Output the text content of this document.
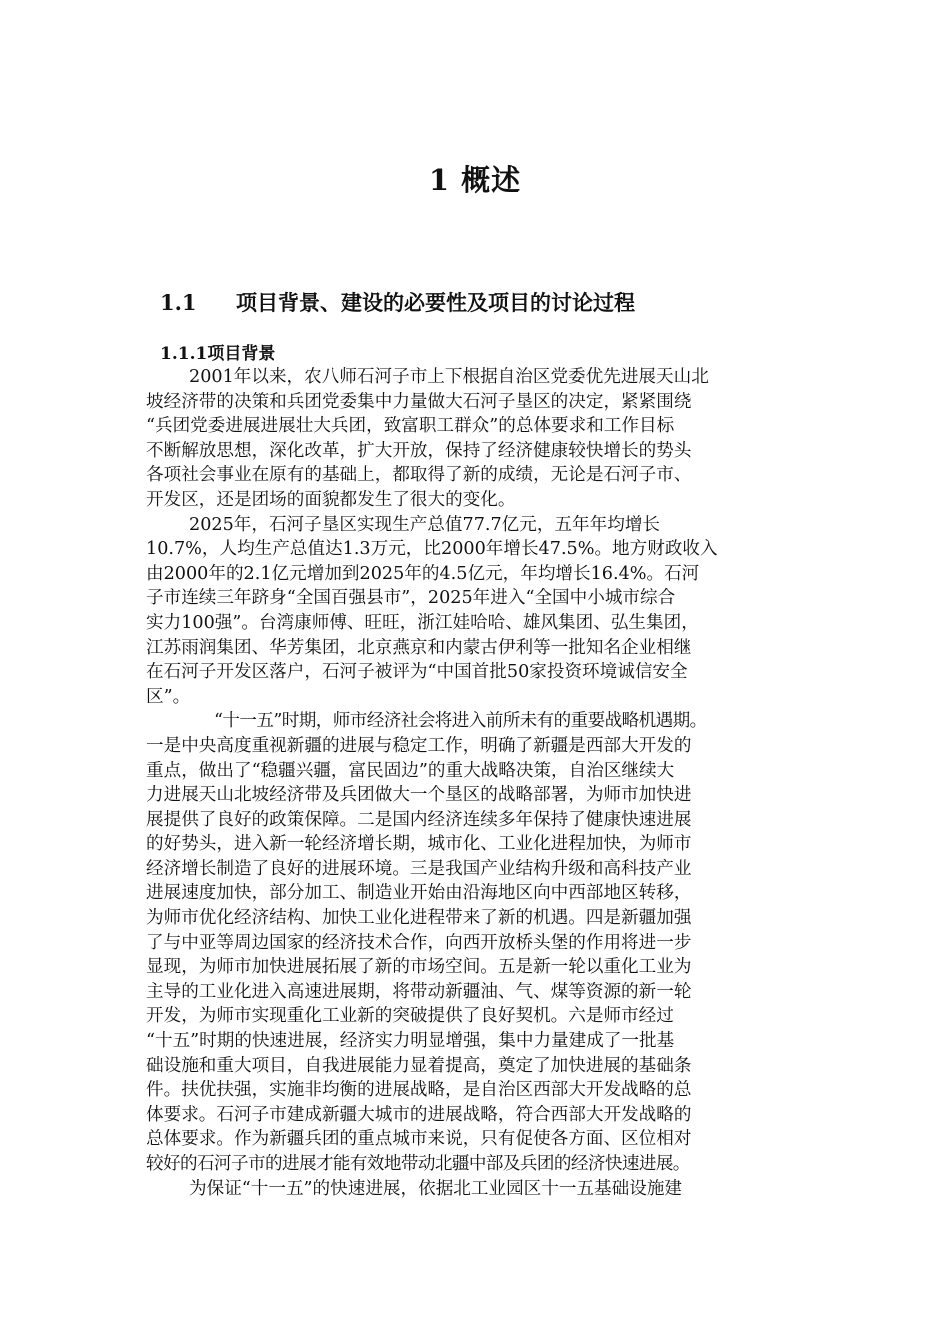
1 概述
1.1 项目背景、建设的必要性及项目的讨论过程
1.1.1项目背景
2001年以来，农八师石河子市上下根据自治区党委优先进展天山北
坡经济带的决策和兵团党委集中力量做大石河子垦区的决定，紧紧围绕
“兵团党委进展进展壮大兵团，致富职工群众”的总体要求和工作目标
不断解放思想，深化改革，扩大开放，保持了经济健康较快增长的势头
各项社会事业在原有的基础上，都取得了新的成绩，无论是石河子市、
开发区，还是团场的面貌都发生了很大的变化。
2025年，石河子垦区实现生产总值77.7亿元，五年年均增长
10.7%，人均生产总值达1.3万元，比2000年增长47.5%。地方财政收入
由2000年的2.1亿元增加到2025年的4.5亿元，年均增长16.4%。石河
子市连续三年跻身“全国百强县市”，2025年进入“全国中小城市综合
实力100强”。台湾康师傅、旺旺，浙江娃哈哈、雄风集团、弘生集团，
江苏雨润集团、华芳集团，北京燕京和内蒙古伊利等一批知名企业相继
在石河子开发区落户，石河子被评为“中国首批50家投资环境诚信安全
区”。
“十一五”时期，师市经济社会将进入前所未有的重要战略机遇期。
一是中央高度重视新疆的进展与稳定工作，明确了新疆是西部大开发的
重点，做出了“稳疆兴疆，富民固边”的重大战略决策，自治区继续大
力进展天山北坡经济带及兵团做大一个垦区的战略部署，为师市加快进
展提供了良好的政策保障。二是国内经济连续多年保持了健康快速进展
的好势头，进入新一轮经济增长期，城市化、工业化进程加快，为师市
经济增长制造了良好的进展环境。三是我国产业结构升级和高科技产业
进展速度加快，部分加工、制造业开始由沿海地区向中西部地区转移，
为师市优化经济结构、加快工业化进程带来了新的机遇。四是新疆加强
了与中亚等周边国家的经济技术合作，向西开放桥头堡的作用将进一步
显现，为师市加快进展拓展了新的市场空间。五是新一轮以重化工业为
主导的工业化进入高速进展期，将带动新疆油、气、煤等资源的新一轮
开发，为师市实现重化工业新的突破提供了良好契机。六是师市经过
“十五”时期的快速进展，经济实力明显增强，集中力量建成了一批基
础设施和重大项目，自我进展能力显着提高，奠定了加快进展的基础条
件。扶优扶强，实施非均衡的进展战略，是自治区西部大开发战略的总
体要求。石河子市建成新疆大城市的进展战略，符合西部大开发战略的
总体要求。作为新疆兵团的重点城市来说，只有促使各方面、区位相对
较好的石河子市的进展才能有效地带动北疆中部及兵团的经济快速进展。
为保证“十一五”的快速进展，依据北工业园区十一五基础设施建
